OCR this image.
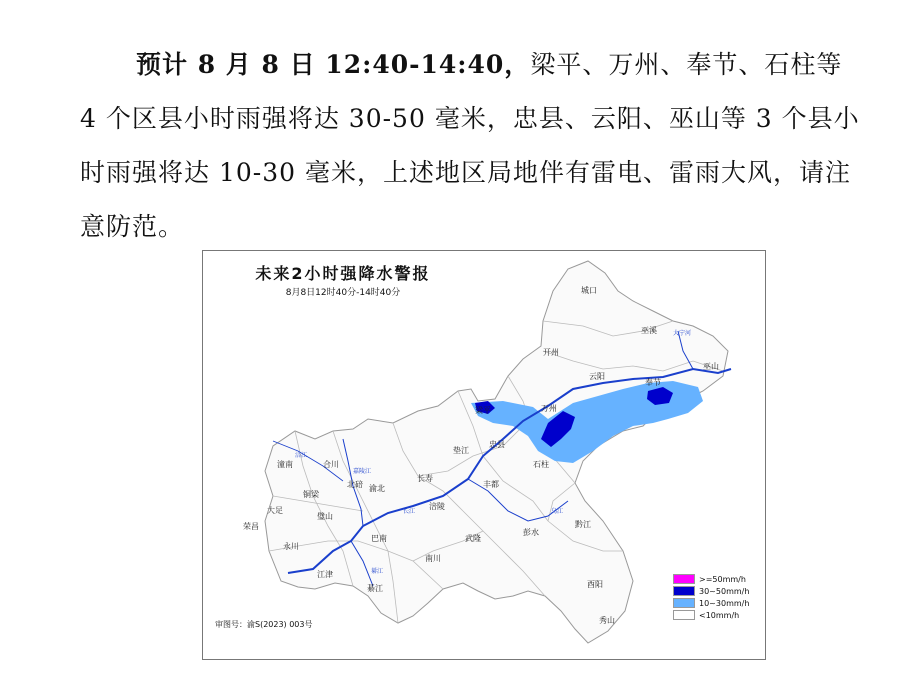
预计 8 月 8 日 12:40-14:40，梁平、万州、奉节、石柱等 4 个区县小时雨强将达 30-50 毫米，忠县、云阳、巫山等 3 个县小时雨强将达 10-30 毫米，上述地区局地伴有雷电、雷雨大风，请注意防范。

未来2小时强降水警报
8月8日12时40分-14时40分	城口
巫溪
开州
巫山
云阳
奉节
梁平	万州
忠县
石柱
垫江
长寿
丰都
涪陵
渝北
北碚
合川
潼南
铜梁
大足
璧山
荣昌
永川
江津
綦江
巴南
南川
武隆
彭水
黔江
酉阳
秀山
长江
嘉陵江
乌江
綦江
大宁河
涪江
>=50mm/h
30~50mm/h
10~30mm/h
<10mm/h
审图号：渝S(2023) 003号
